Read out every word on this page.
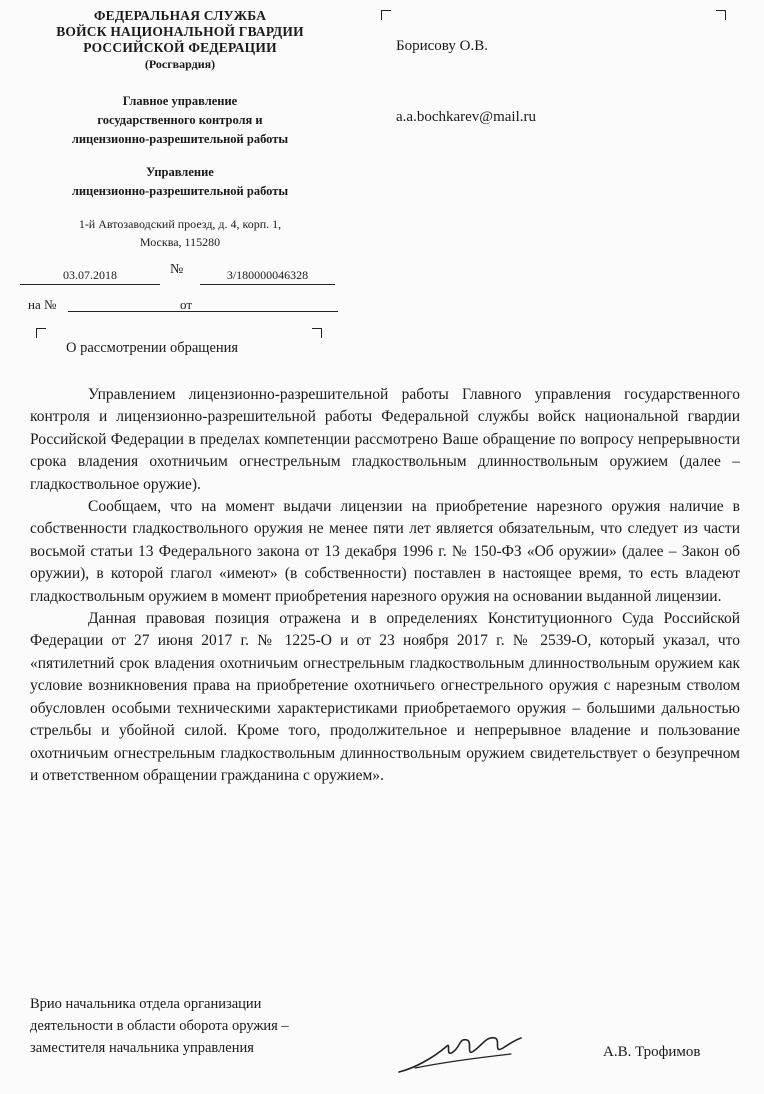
ФЕДЕРАЛЬНАЯ СЛУЖБА
ВОЙСК НАЦИОНАЛЬНОЙ ГВАРДИИ
РОССИЙСКОЙ ФЕДЕРАЦИИ
(Росгвардия)
Главное управление
государственного контроля и
лицензионно-разрешительной работы
Управление
лицензионно-разрешительной работы
1-й Автозаводский проезд, д. 4, корп. 1,
Москва, 115280
03.07.2018	№	3/180000046328
на №	от
О рассмотрении обращения
Борисову О.В.
a.a.bochkarev@mail.ru

Управлением лицензионно-разрешительной работы Главного управления государственного контроля и лицензионно-разрешительной работы Федеральной службы войск национальной гвардии Российской Федерации в пределах компетенции рассмотрено Ваше обращение по вопросу непрерывности срока владения охотничьим огнестрельным гладкоствольным длинноствольным оружием (далее – гладкоствольное оружие).

Сообщаем, что на момент выдачи лицензии на приобретение нарезного оружия наличие в собственности гладкоствольного оружия не менее пяти лет является обязательным, что следует из части восьмой статьи 13 Федерального закона от 13 декабря 1996 г. № 150-ФЗ «Об оружии» (далее – Закон об оружии), в которой глагол «имеют» (в собственности) поставлен в настоящее время, то есть владеют гладкоствольным оружием в момент приобретения нарезного оружия на основании выданной лицензии.

Данная правовая позиция отражена и в определениях Конституционного Суда Российской Федерации от 27 июня 2017 г. № 1225-О и от 23 ноября 2017 г. № 2539-О, который указал, что «пятилетний срок владения охотничьим огнестрельным гладкоствольным длинноствольным оружием как условие возникновения права на приобретение охотничьего огнестрельного оружия с нарезным стволом обусловлен особыми техническими характеристиками приобретаемого оружия – большими дальностью стрельбы и убойной силой. Кроме того, продолжительное и непрерывное владение и пользование охотничьим огнестрельным гладкоствольным длинноствольным оружием свидетельствует о безупречном и ответственном обращении гражданина с оружием».

Врио начальника отдела организации
деятельности в области оборота оружия –
заместителя начальника управления	А.В. Трофимов
